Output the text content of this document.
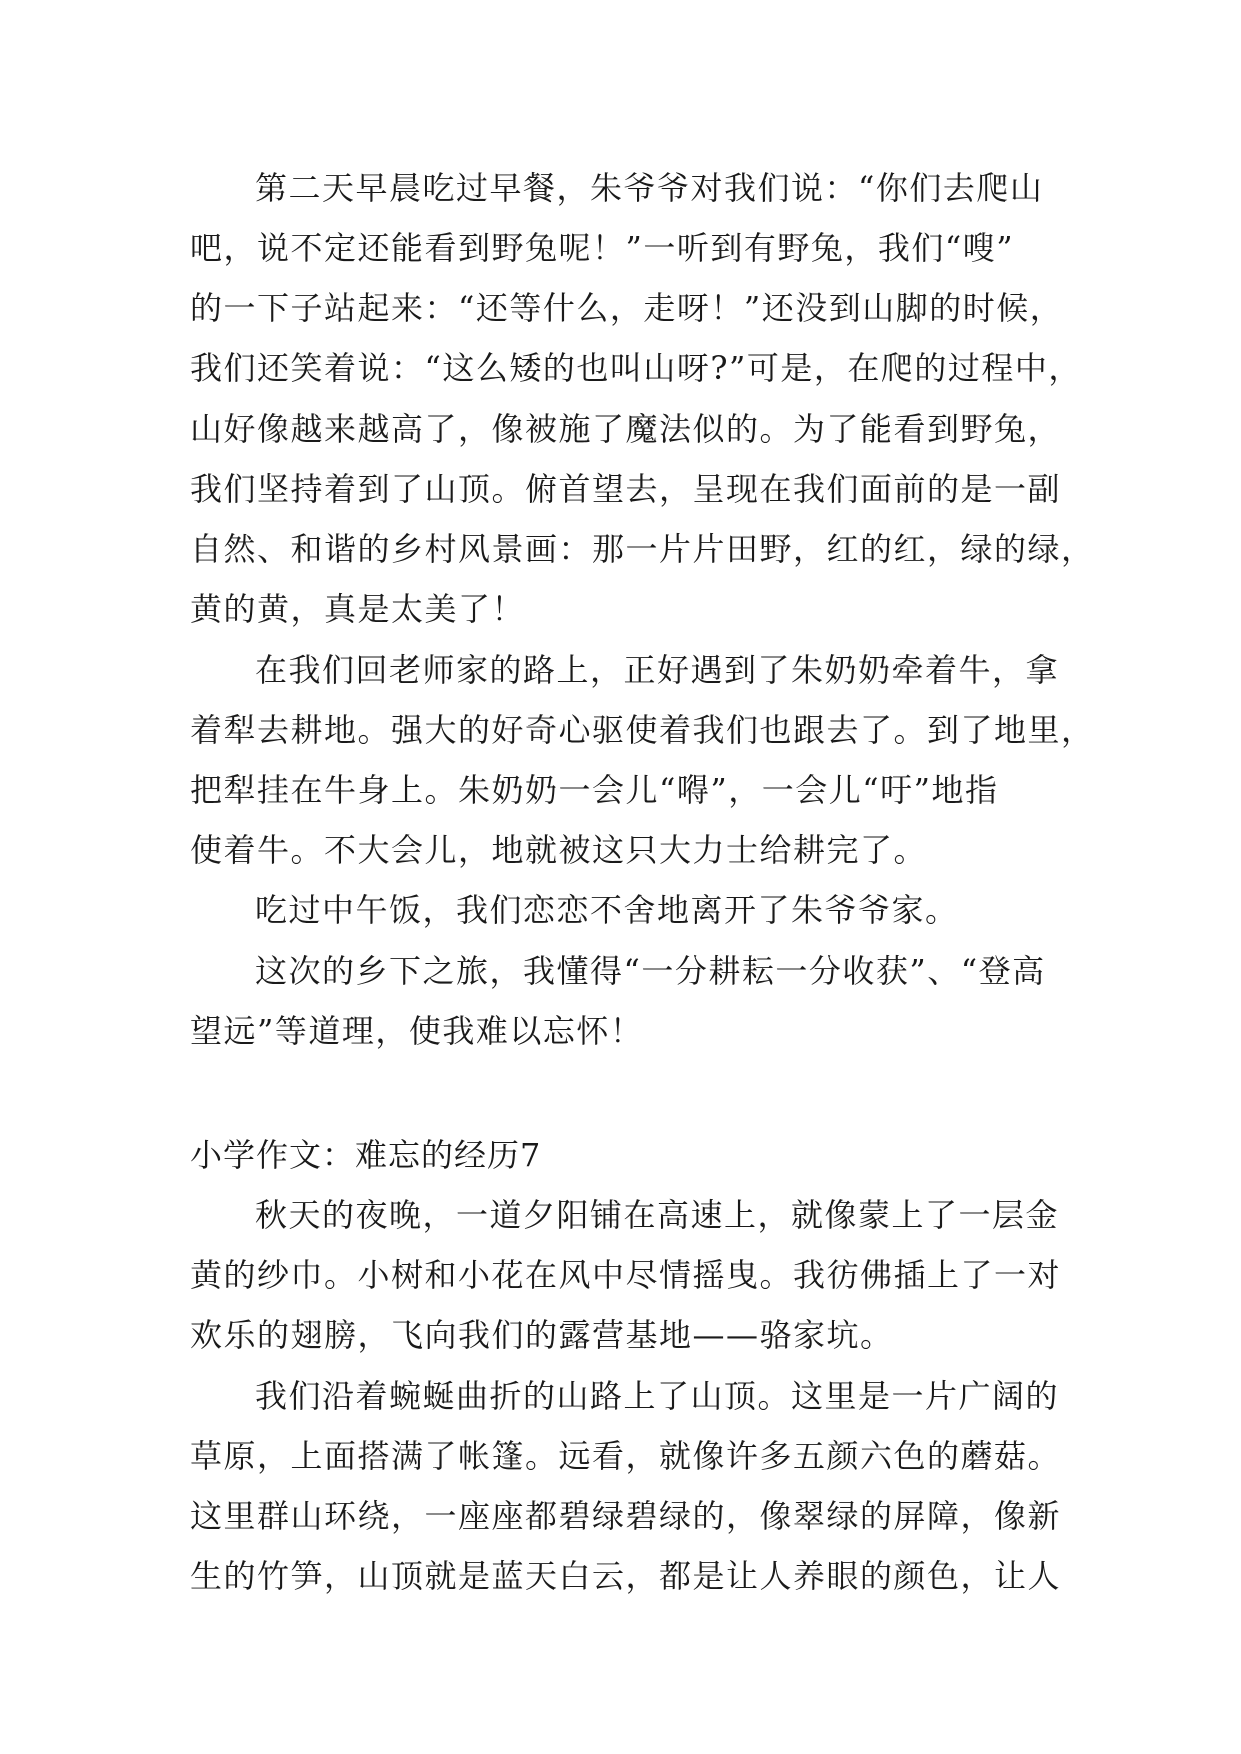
第二天早晨吃过早餐，朱爷爷对我们说：“你们去爬山
吧，说不定还能看到野兔呢！”一听到有野兔，我们“嗖”
的一下子站起来：“还等什么，走呀！”还没到山脚的时候，
我们还笑着说：“这么矮的也叫山呀?”可是，在爬的过程中，
山好像越来越高了，像被施了魔法似的。为了能看到野兔，
我们坚持着到了山顶。俯首望去，呈现在我们面前的是一副
自然、和谐的乡村风景画：那一片片田野，红的红，绿的绿，
黄的黄，真是太美了！
在我们回老师家的路上，正好遇到了朱奶奶牵着牛，拿
着犁去耕地。强大的好奇心驱使着我们也跟去了。到了地里，
把犁挂在牛身上。朱奶奶一会儿“嘚”，一会儿“吁”地指
使着牛。不大会儿，地就被这只大力士给耕完了。
吃过中午饭，我们恋恋不舍地离开了朱爷爷家。
这次的乡下之旅，我懂得“一分耕耘一分收获”、“登高
望远”等道理，使我难以忘怀！
小学作文：难忘的经历7
秋天的夜晚，一道夕阳铺在高速上，就像蒙上了一层金
黄的纱巾。小树和小花在风中尽情摇曳。我彷佛插上了一对
欢乐的翅膀，飞向我们的露营基地——骆家坑。
我们沿着蜿蜒曲折的山路上了山顶。这里是一片广阔的
草原，上面搭满了帐篷。远看，就像许多五颜六色的蘑菇。
这里群山环绕，一座座都碧绿碧绿的，像翠绿的屏障，像新
生的竹笋，山顶就是蓝天白云，都是让人养眼的颜色，让人
